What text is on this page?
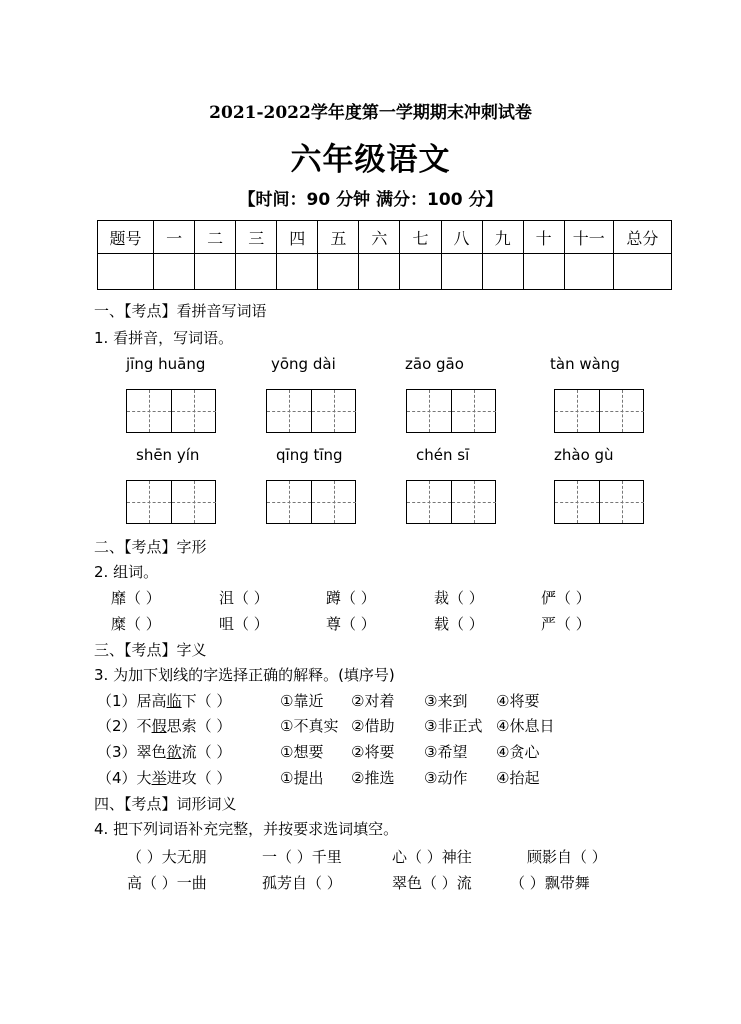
2021-2022学年度第一学期期末冲刺试卷
六年级语文
【时间：90 分钟 满分：100 分】
题号	一	二	三	四	五	六	七	八	九	十	十一	总分

一、【考点】看拼音写词语
1. 看拼音，写词语。
jīng huāng	yōng dài	zāo gāo	tàn wàng
shēn yín	qīng tīng	chén sī	zhào gù
二、【考点】字形
2. 组词。
靡（ ）	沮（ ）	蹲（ ）	裁（ ）	俨（ ）
糜（ ）	咀（ ）	尊（ ）	载（ ）	严（ ）
三、【考点】字义
3. 为加下划线的字选择正确的解释。(填序号)
（1）居高临下（ ）	①靠近 ②对着 ③来到 ④将要
（2）不假思索（ ）	①不真实 ②借助 ③非正式 ④休息日
（3）翠色欲流（ ）	①想要 ②将要 ③希望 ④贪心
（4）大举进攻（ ）	①提出 ②推选 ③动作 ④抬起
四、【考点】词形词义
4. 把下列词语补充完整，并按要求选词填空。
（ ）大无朋	一（ ）千里	心（ ）神往	顾影自（ ）
高（ ）一曲	孤芳自（ ）	翠色（ ）流	（ ）飘带舞
